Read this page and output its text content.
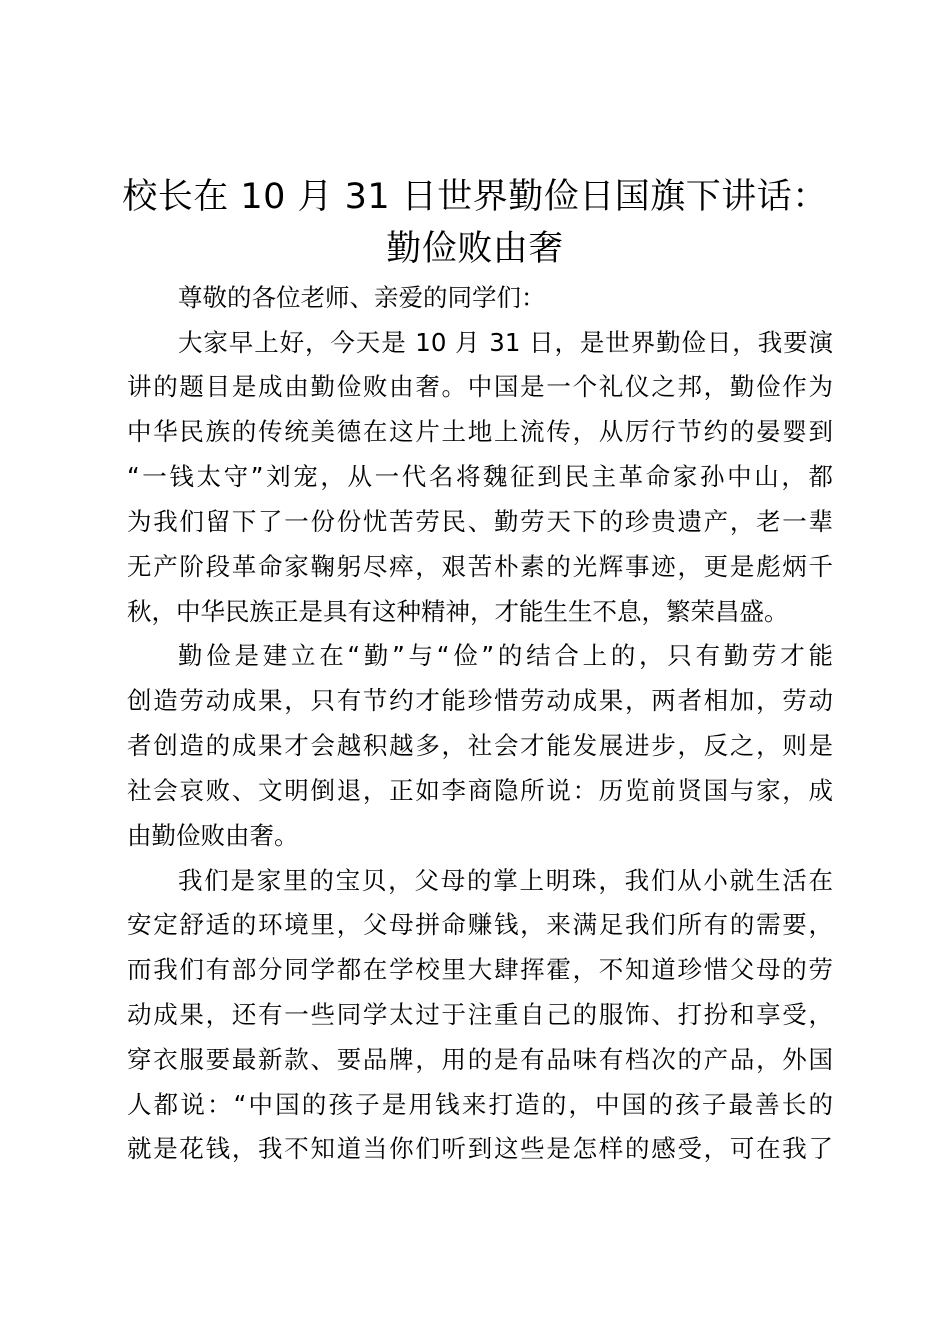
校长在 10 月 31 日世界勤俭日国旗下讲话：
勤俭败由奢
尊敬的各位老师、亲爱的同学们：
大家早上好，今天是 10 月 31 日，是世界勤俭日，我要演
讲的题目是成由勤俭败由奢。中国是一个礼仪之邦，勤俭作为
中华民族的传统美德在这片土地上流传，从厉行节约的晏婴到
“一钱太守”刘宠，从一代名将魏征到民主革命家孙中山，都
为我们留下了一份份忧苦劳民、勤劳天下的珍贵遗产，老一辈
无产阶段革命家鞠躬尽瘁，艰苦朴素的光辉事迹，更是彪炳千
秋，中华民族正是具有这种精神，才能生生不息，繁荣昌盛。
勤俭是建立在“勤”与“俭”的结合上的，只有勤劳才能
创造劳动成果，只有节约才能珍惜劳动成果，两者相加，劳动
者创造的成果才会越积越多，社会才能发展进步，反之，则是
社会哀败、文明倒退，正如李商隐所说：历览前贤国与家，成
由勤俭败由奢。
我们是家里的宝贝，父母的掌上明珠，我们从小就生活在
安定舒适的环境里，父母拼命赚钱，来满足我们所有的需要，
而我们有部分同学都在学校里大肆挥霍，不知道珍惜父母的劳
动成果，还有一些同学太过于注重自己的服饰、打扮和享受，
穿衣服要最新款、要品牌，用的是有品味有档次的产品，外国
人都说：“中国的孩子是用钱来打造的，中国的孩子最善长的
就是花钱，我不知道当你们听到这些是怎样的感受，可在我了
